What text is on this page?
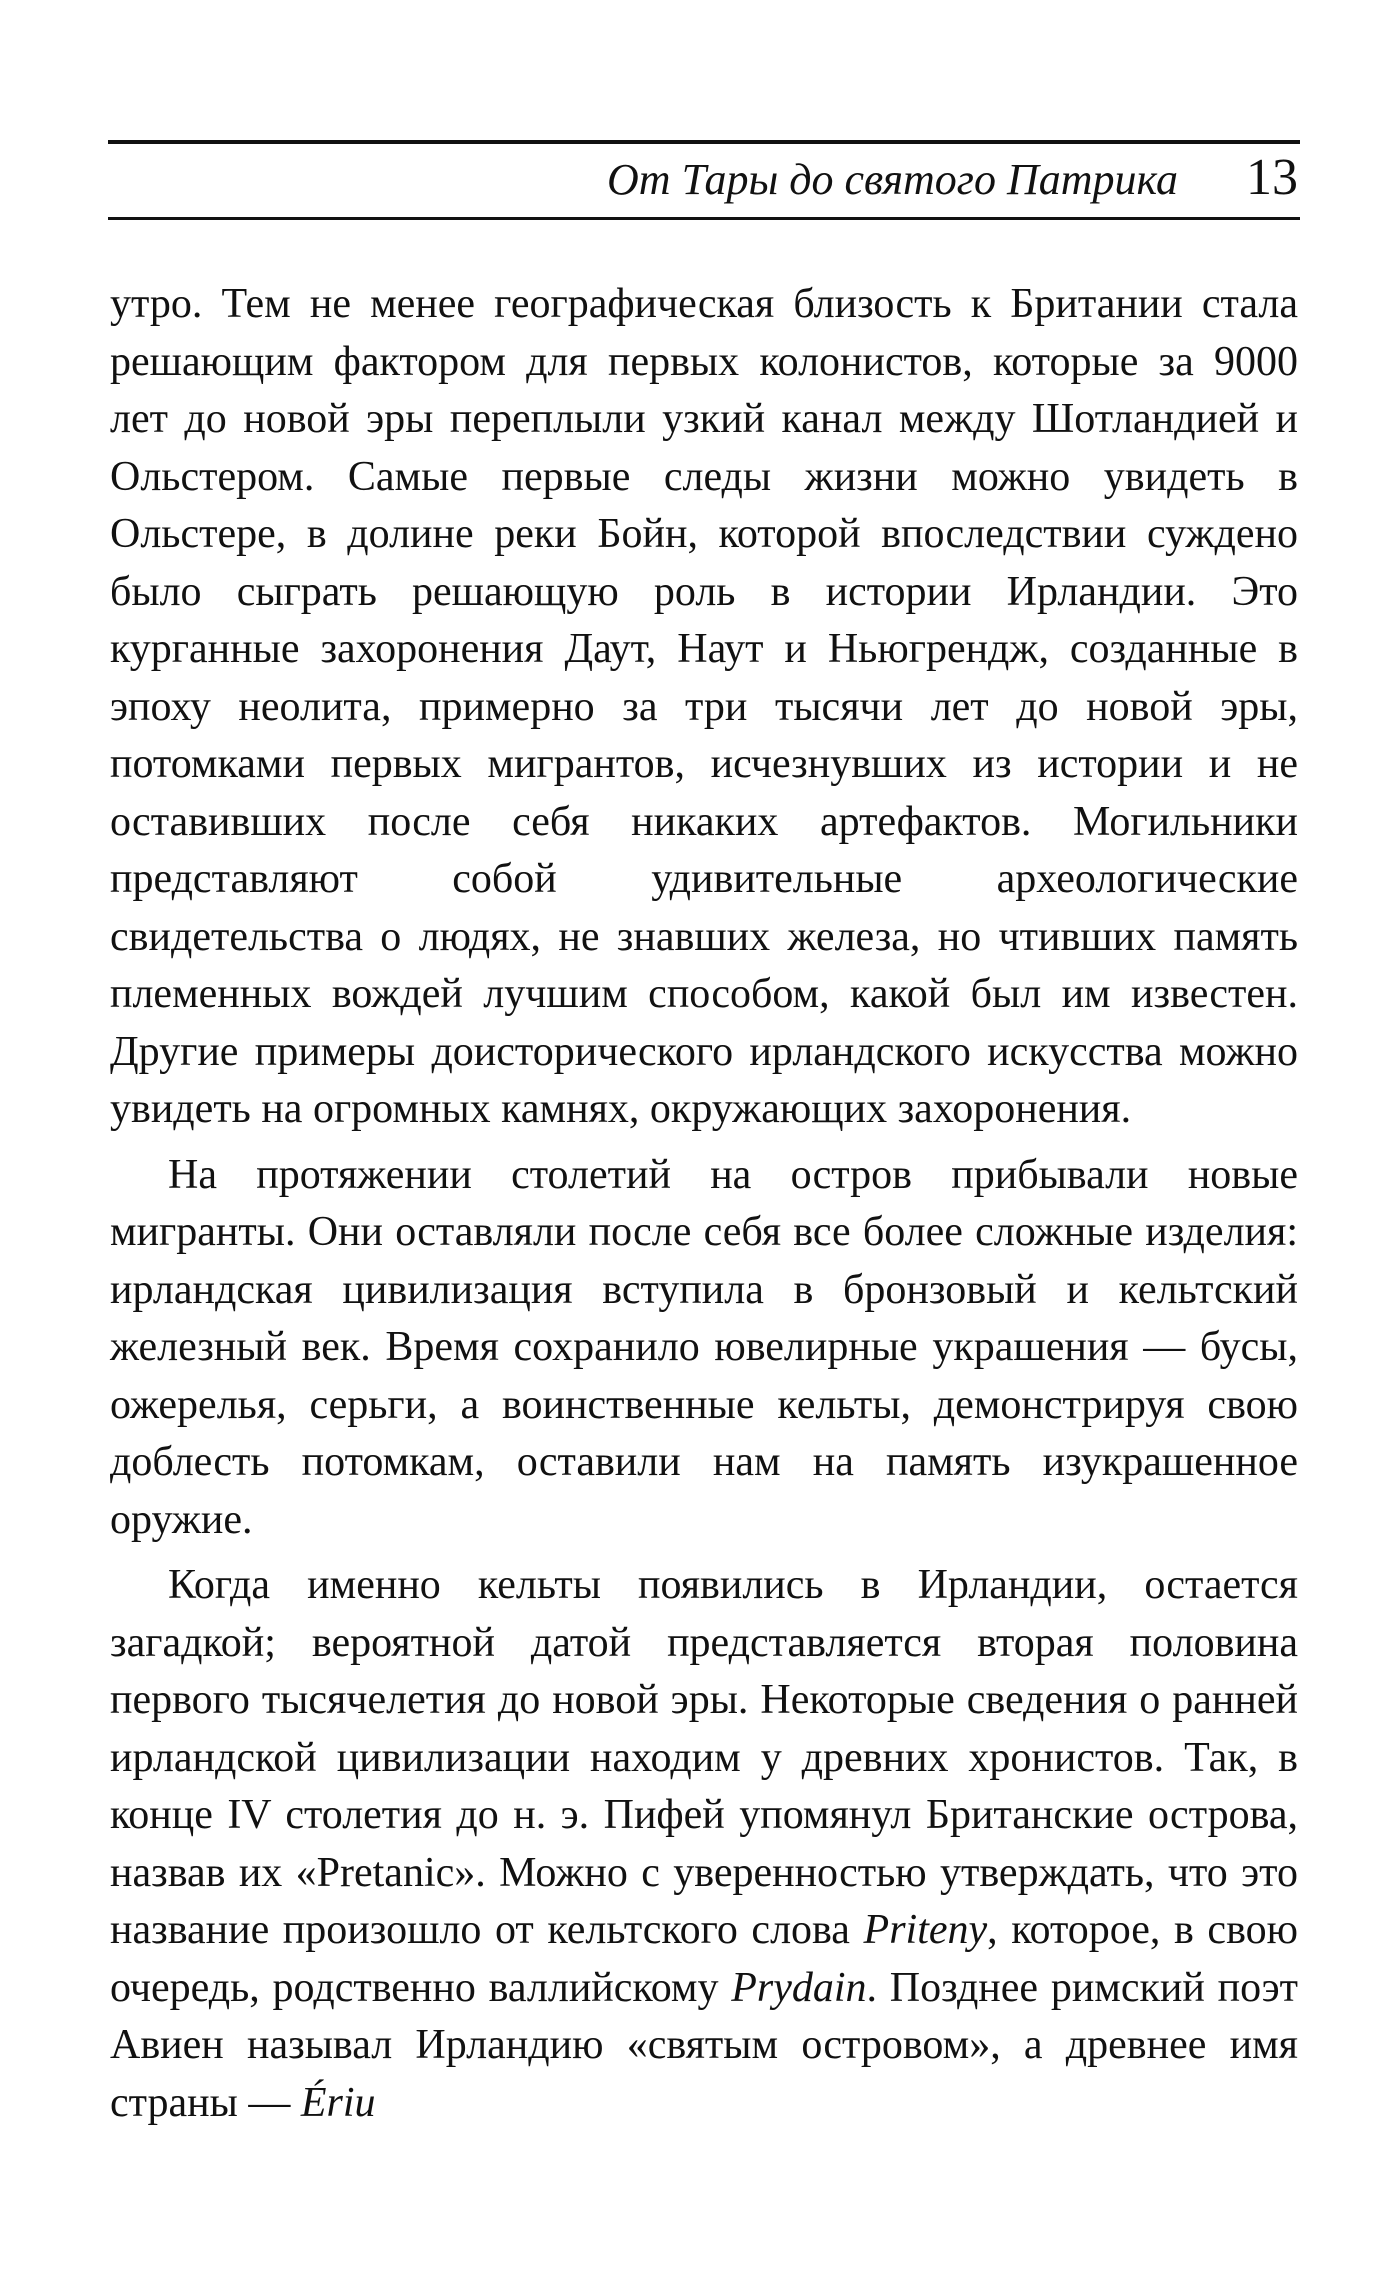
От Тары до святого Патрика 13

утро. Тем не менее географическая близость к Британии стала решающим фактором для первых колонистов, которые за 9000 лет до новой эры переплыли узкий канал между Шотландией и Ольстером. Самые первые следы жизни можно увидеть в Ольстере, в долине реки Бойн, которой впоследствии суждено было сыграть решающую роль в истории Ирландии. Это курганные захоронения Даут, Наут и Ньюгрендж, созданные в эпоху неолита, примерно за три тысячи лет до новой эры, потомками первых мигрантов, исчезнувших из истории и не оставивших после себя никаких артефактов. Могильники представляют собой удивительные археологические свидетельства о людях, не знавших железа, но чтивших память племенных вождей лучшим способом, какой был им известен. Другие примеры доисторического ирландского искусства можно увидеть на огромных камнях, окружающих захоронения.

На протяжении столетий на остров прибывали новые мигранты. Они оставляли после себя все более сложные изделия: ирландская цивилизация вступила в бронзовый и кельтский железный век. Время сохранило ювелирные украшения — бусы, ожерелья, серьги, а воинственные кельты, демонстрируя свою доблесть потомкам, оставили нам на память изукрашенное оружие.

Когда именно кельты появились в Ирландии, остается загадкой; вероятной датой представляется вторая половина первого тысячелетия до новой эры. Некоторые сведения о ранней ирландской цивилизации находим у древних хронистов. Так, в конце IV столетия до н. э. Пифей упомянул Британские острова, назвав их «Pretanic». Можно с уверенностью утверждать, что это название произошло от кельтского слова Priteny, которое, в свою очередь, родственно валлийскому Prydain. Позднее римский поэт Авиен называл Ирландию «святым островом», а древнее имя страны — Ériu
